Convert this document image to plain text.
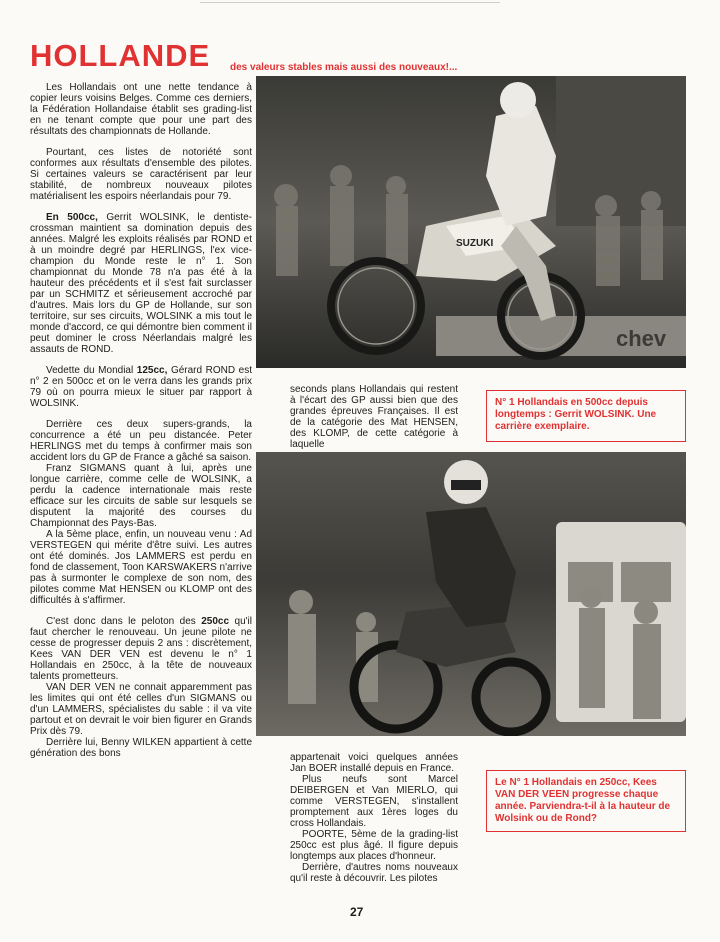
HOLLANDE des valeurs stables mais aussi des nouveaux!...

Les Hollandais ont une nette tendance à copier leurs voisins Belges. Comme ces derniers, la Fédération Hollandaise établit ses grading-list en ne tenant compte que pour une part des résultats des championnats de Hollande.

Pourtant, ces listes de notoriété sont conformes aux résultats d'ensemble des pilotes. Si certaines valeurs se caractérisent par leur stabilité, de nombreux nouveaux pilotes matérialisent les espoirs néerlandais pour 79.

En 500cc, Gerrit WOLSINK, le dentiste-crossman maintient sa domination depuis des années. Malgré les exploits réalisés par ROND et à un moindre degré par HERLINGS, l'ex vice-champion du Monde reste le n° 1. Son championnat du Monde 78 n'a pas été à la hauteur des précédents et il s'est fait surclasser par un SCHMITZ et sérieusement accroché par d'autres. Mais lors du GP de Hollande, sur son territoire, sur ses circuits, WOLSINK a mis tout le monde d'accord, ce qui démontre bien comment il peut dominer le cross Néerlandais malgré les assauts de ROND.

Vedette du Mondial 125cc, Gérard ROND est n° 2 en 500cc et on le verra dans les grands prix 79 où on pourra mieux le situer par rapport à WOLSINK.

Derrière ces deux supers-grands, la concurrence a été un peu distancée. Peter HERLINGS met du temps à confirmer mais son accident lors du GP de France a gâché sa saison.

Franz SIGMANS quant à lui, après une longue carrière, comme celle de WOLSINK, a perdu la cadence internationale mais reste efficace sur les circuits de sable sur lesquels se disputent la majorité des courses du Championnat des Pays-Bas.

A la 5ème place, enfin, un nouveau venu : Ad VERSTEGEN qui mérite d'être suivi. Les autres ont été dominés. Jos LAMMERS est perdu en fond de classement, Toon KARSWAKERS n'arrive pas à surmonter le complexe de son nom, des pilotes comme Mat HENSEN ou KLOMP ont des difficultés à s'affirmer.

C'est donc dans le peloton des 250cc qu'il faut chercher le renouveau. Un jeune pilote ne cesse de progresser depuis 2 ans : discrètement, Kees VAN DER VEN est devenu le n° 1 Hollandais en 250cc, à la tête de nouveaux talents prometteurs.

VAN DER VEN ne connait apparemment pas les limites qui ont été celles d'un SIGMANS ou d'un LAMMERS, spécialistes du sable : il va vite partout et on devrait le voir bien figurer en Grands Prix dès 79.

Derrière lui, Benny WILKEN appartient à cette génération des bons

chev
SUZUKI

seconds plans Hollandais qui restent à l'écart des GP aussi bien que des grandes épreuves Françaises. Il est de la catégorie des Mat HENSEN, des KLOMP, de cette catégorie à laquelle

N° 1 Hollandais en 500cc depuis longtemps : Gerrit WOLSINK. Une carrière exemplaire.

appartenait voici quelques années Jan BOER installé depuis en France.

Plus neufs sont Marcel DEIBERGEN et Van MIERLO, qui comme VERSTEGEN, s'installent promptement aux 1ères loges du cross Hollandais.

POORTE, 5ème de la grading-list 250cc est plus âgé. Il figure depuis longtemps aux places d'honneur.

Derrière, d'autres noms nouveaux qu'il reste à découvrir. Les pilotes

Le N° 1 Hollandais en 250cc, Kees VAN DER VEEN progresse chaque année. Parviendra-t-il à la hauteur de Wolsink ou de Rond?
27
